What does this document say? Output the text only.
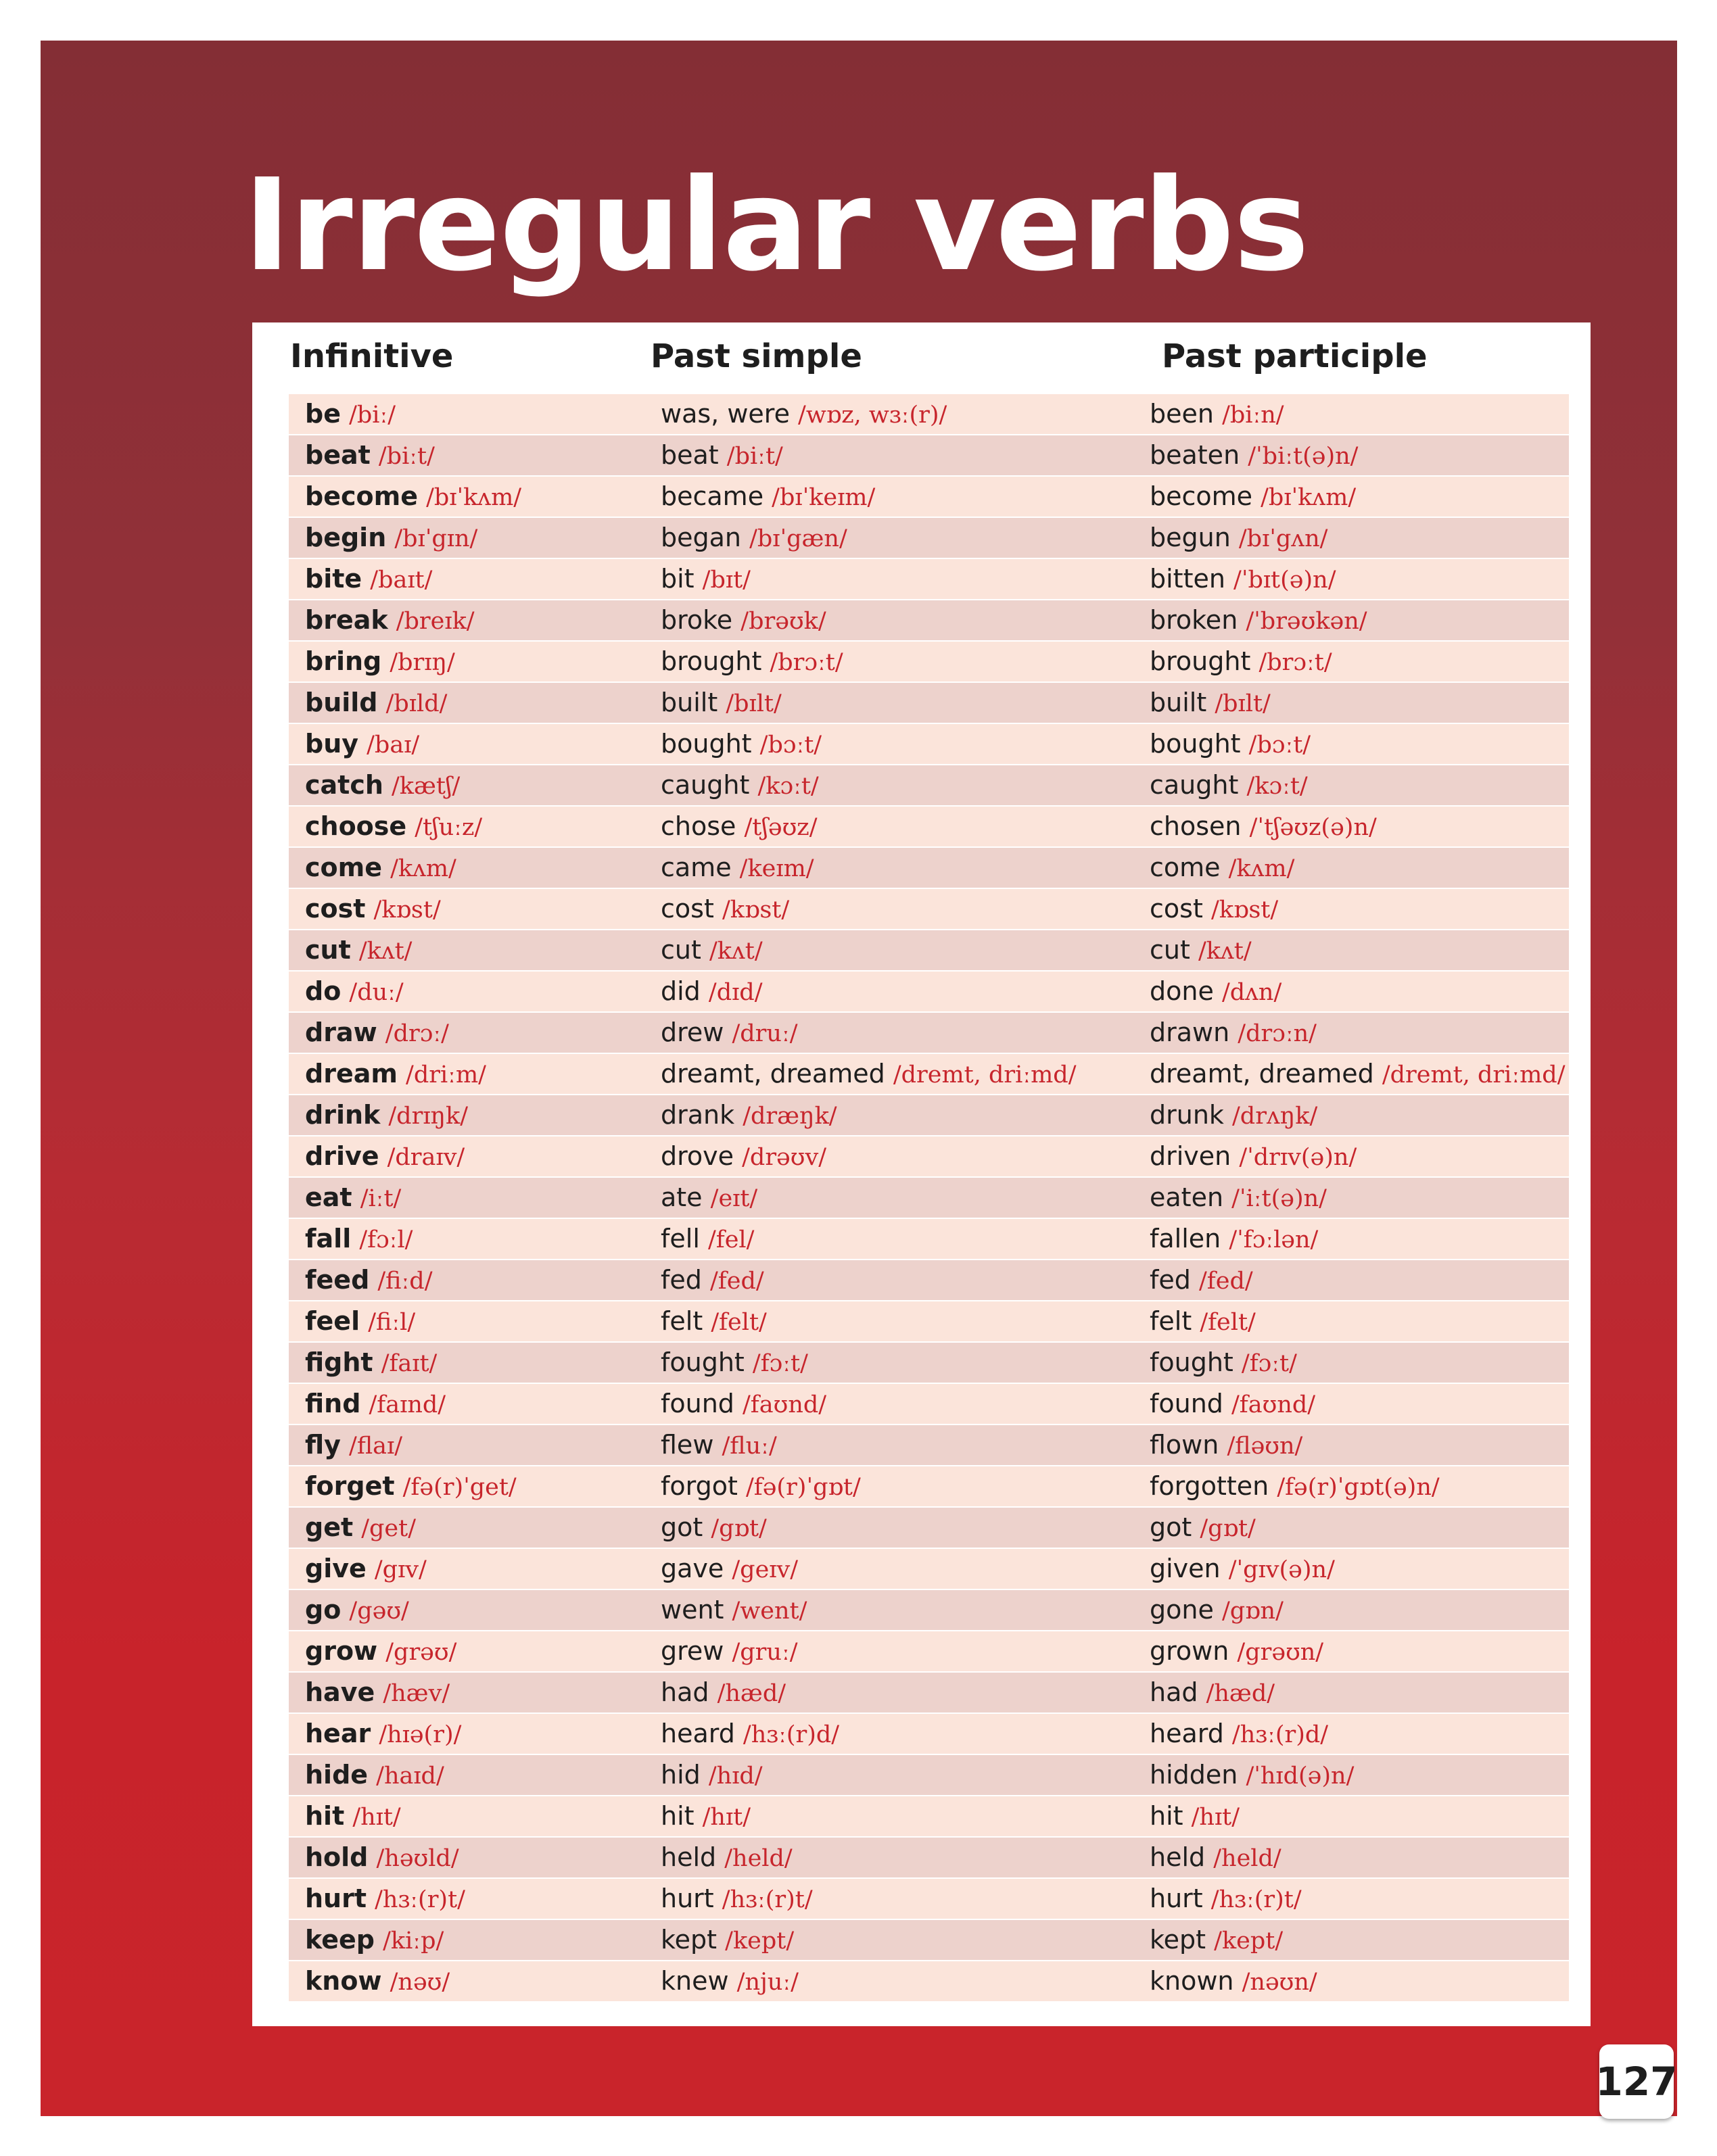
Irregular verbs
Infinitive	Past simple	Past participle
be /biː/	was, were /wɒz, wɜː(r)/	been /biːn/
beat /biːt/	beat /biːt/	beaten /ˈbiːt(ə)n/
become /bɪˈkʌm/	became /bɪˈkeɪm/	become /bɪˈkʌm/
begin /bɪˈgɪn/	began /bɪˈgæn/	begun /bɪˈgʌn/
bite /baɪt/	bit /bɪt/	bitten /ˈbɪt(ə)n/
break /breɪk/	broke /brəʊk/	broken /ˈbrəʊkən/
bring /brɪŋ/	brought /brɔːt/	brought /brɔːt/
build /bɪld/	built /bɪlt/	built /bɪlt/
buy /baɪ/	bought /bɔːt/	bought /bɔːt/
catch /kætʃ/	caught /kɔːt/	caught /kɔːt/
choose /tʃuːz/	chose /tʃəʊz/	chosen /ˈtʃəʊz(ə)n/
come /kʌm/	came /keɪm/	come /kʌm/
cost /kɒst/	cost /kɒst/	cost /kɒst/
cut /kʌt/	cut /kʌt/	cut /kʌt/
do /duː/	did /dɪd/	done /dʌn/
draw /drɔː/	drew /druː/	drawn /drɔːn/
dream /driːm/	dreamt, dreamed /dremt, driːmd/	dreamt, dreamed /dremt, driːmd/
drink /drɪŋk/	drank /dræŋk/	drunk /drʌŋk/
drive /draɪv/	drove /drəʊv/	driven /ˈdrɪv(ə)n/
eat /iːt/	ate /eɪt/	eaten /ˈiːt(ə)n/
fall /fɔːl/	fell /fel/	fallen /ˈfɔːlən/
feed /fiːd/	fed /fed/	fed /fed/
feel /fiːl/	felt /felt/	felt /felt/
fight /faɪt/	fought /fɔːt/	fought /fɔːt/
find /faɪnd/	found /faʊnd/	found /faʊnd/
fly /flaɪ/	flew /fluː/	flown /fləʊn/
forget /fə(r)ˈget/	forgot /fə(r)ˈgɒt/	forgotten /fə(r)ˈgɒt(ə)n/
get /get/	got /gɒt/	got /gɒt/
give /gɪv/	gave /geɪv/	given /ˈgɪv(ə)n/
go /gəʊ/	went /went/	gone /gɒn/
grow /grəʊ/	grew /gruː/	grown /grəʊn/
have /hæv/	had /hæd/	had /hæd/
hear /hɪə(r)/	heard /hɜː(r)d/	heard /hɜː(r)d/
hide /haɪd/	hid /hɪd/	hidden /ˈhɪd(ə)n/
hit /hɪt/	hit /hɪt/	hit /hɪt/
hold /həʊld/	held /held/	held /held/
hurt /hɜː(r)t/	hurt /hɜː(r)t/	hurt /hɜː(r)t/
keep /kiːp/	kept /kept/	kept /kept/
know /nəʊ/	knew /njuː/	known /nəʊn/
127
